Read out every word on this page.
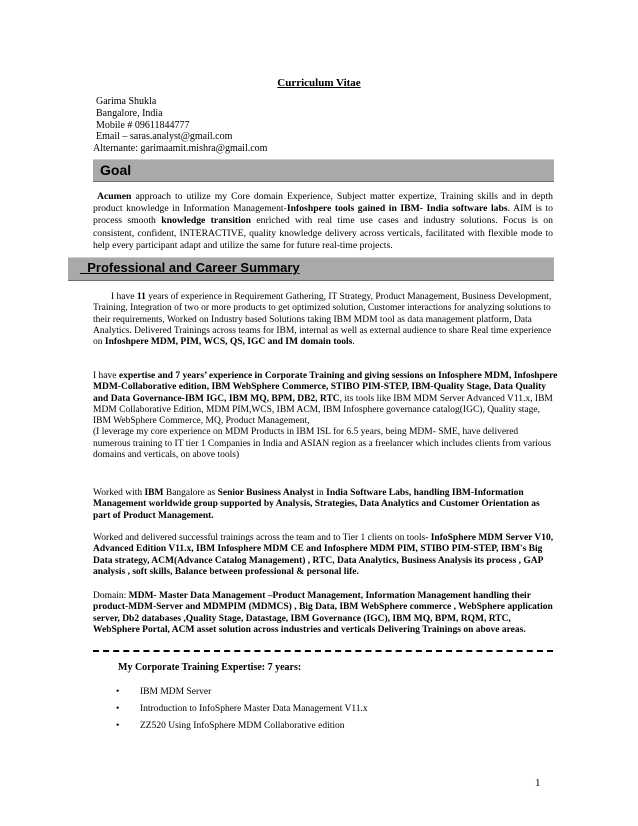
Curriculum Vitae
Garima Shukla
Bangalore, India
Mobile # 09611844777
Email – saras.analyst@gmail.com
Alternante: garimaamit.mishra@gmail.com
Goal
Acumen approach to utilize my Core domain Experience, Subject matter expertize, Training skills and in depth product knowledge in Information Management-Infoshpere tools gained in IBM- India software labs. AIM is to process smooth knowledge transition enriched with real time use cases and industry solutions. Focus is on consistent, confident, INTERACTIVE, quality knowledge delivery across verticals, facilitated with flexible mode to help every participant adapt and utilize the same for future real-time projects.
_Professional and Career Summary
I have 11 years of experience in Requirement Gathering, IT Strategy, Product Management, Business Development, Training, Integration of two or more products to get optimized solution, Customer interactions for analyzing solutions to their requirements, Worked on Industry based Solutions taking IBM MDM tool as data management platform, Data Analytics. Delivered Trainings across teams for IBM, internal as well as external audience to share Real time experience on Infoshpere MDM, PIM, WCS, QS, IGC and IM domain tools.
I have expertise and 7 years’ experience in Corporate Training and giving sessions on Infosphere MDM, Infoshpere MDM-Collaborative edition, IBM WebSphere Commerce, STIBO PIM-STEP, IBM-Quality Stage, Data Quality and Data Governance-IBM IGC, IBM MQ, BPM, DB2, RTC, its tools like IBM MDM Server Advanced V11.x, IBM MDM Collaborative Edition, MDM PIM,WCS, IBM ACM, IBM Infosphere governance catalog(IGC), Quality stage, IBM WebSphere Commerce, MQ, Product Management,
(I leverage my core experience on MDM Products in IBM ISL for 6.5 years, being MDM- SME, have delivered numerous training to IT tier 1 Companies in India and ASIAN region as a freelancer which includes clients from various domains and verticals, on above tools)
Worked with IBM Bangalore as Senior Business Analyst in India Software Labs, handling IBM-Information Management worldwide group supported by Analysis, Strategies, Data Analytics and Customer Orientation as part of Product Management.
Worked and delivered successful trainings across the team and to Tier 1 clients on tools- InfoSphere MDM Server V10, Advanced Edition V11.x, IBM Infosphere MDM CE and Infosphere MDM PIM, STIBO PIM-STEP, IBM's Big Data strategy, ACM(Advance Catalog Management) , RTC, Data Analytics, Business Analysis its process , GAP analysis , soft skills, Balance between professional & personal life.
Domain: MDM- Master Data Management –Product Management, Information Management handling their product-MDM-Server and MDMPIM (MDMCS) , Big Data, IBM WebSphere commerce , WebSphere application server, Db2 databases ,Quality Stage, Datastage, IBM Governance (IGC), IBM MQ, BPM, RQM, RTC, WebSphere Portal, ACM asset solution across industries and verticals Delivering Trainings on above areas.
My Corporate Training Expertise: 7 years:
• IBM MDM Server
• Introduction to InfoSphere Master Data Management V11.x
• ZZ520 Using InfoSphere MDM Collaborative edition
1
